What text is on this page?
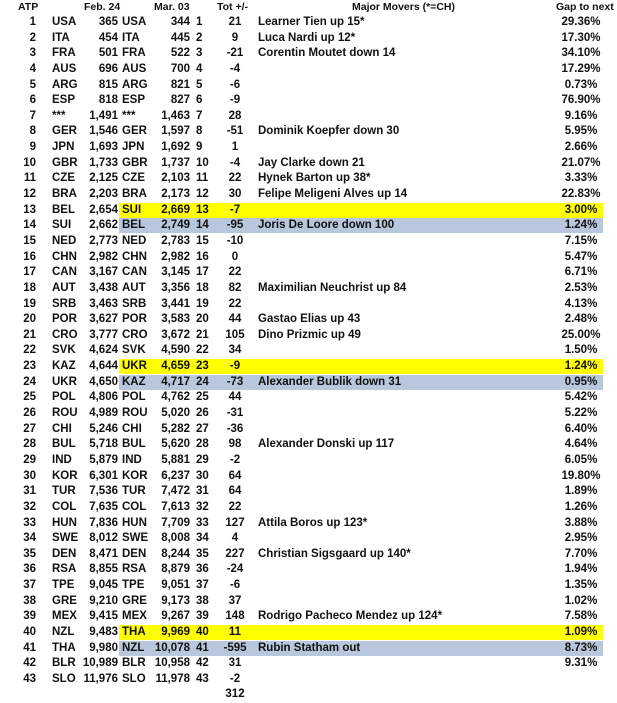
ATP	Feb. 24	Mar. 03	Tot +/-	Major Movers (*=CH)	Gap to next
1 USA	365 USA	344 1	21	Learner Tien up 15*	29.36%
2 ITA	454 ITA	445 2	9	Luca Nardi up 12*	17.30%
3 FRA	501 FRA	522 3	-21	Corentin Moutet down 14	34.10%
4 AUS	696 AUS	700 4	-4	17.29%
5 ARG	815 ARG	821 5	-6	0.73%
6 ESP	818 ESP	827 6	-9	76.90%
7 ***	1,491 ***	1,463 7	28	9.16%
8 GER	1,546 GER	1,597 8	-51	Dominik Koepfer down 30	5.95%
9 JPN	1,693 JPN	1,692 9	1	2.66%
10 GBR	1,733 GBR	1,737 10	-4	Jay Clarke down 21	21.07%
11 CZE	2,125 CZE	2,103 11	22	Hynek Barton up 38*	3.33%
12 BRA	2,203 BRA	2,173 12	30	Felipe Meligeni Alves up 14	22.83%
13 BEL	2,654 SUI	2,669 13	-7	3.00%
14 SUI	2,662 BEL	2,749 14	-95	Joris De Loore down 100	1.24%
15 NED	2,773 NED	2,783 15	-10	7.15%
16 CHN	2,982 CHN	2,982 16	0	5.47%
17 CAN	3,167 CAN	3,145 17	22	6.71%
18 AUT	3,438 AUT	3,356 18	82	Maximilian Neuchrist up 84	2.53%
19 SRB	3,463 SRB	3,441 19	22	4.13%
20 POR	3,627 POR	3,583 20	44	Gastao Elias up 43	2.48%
21 CRO	3,777 CRO	3,672 21	105	Dino Prizmic up 49	25.00%
22 SVK	4,624 SVK	4,590 22	34	1.50%
23 KAZ	4,644 UKR	4,659 23	-9	1.24%
24 UKR	4,650 KAZ	4,717 24	-73	Alexander Bublik down 31	0.95%
25 POL	4,806 POL	4,762 25	44	5.42%
26 ROU	4,989 ROU	5,020 26	-31	5.22%
27 CHI	5,246 CHI	5,282 27	-36	6.40%
28 BUL	5,718 BUL	5,620 28	98	Alexander Donski up 117	4.64%
29 IND	5,879 IND	5,881 29	-2	6.05%
30 KOR	6,301 KOR	6,237 30	64	19.80%
31 TUR	7,536 TUR	7,472 31	64	1.89%
32 COL	7,635 COL	7,613 32	22	1.26%
33 HUN	7,836 HUN	7,709 33	127	Attila Boros up 123*	3.88%
34 SWE 8,012 SWE	8,008 34	4	2.95%
35 DEN	8,471 DEN	8,244 35	227	Christian Sigsgaard up 140*	7.70%
36 RSA	8,855 RSA	8,879 36	-24	1.94%
37 TPE	9,045 TPE	9,051 37	-6	1.35%
38 GRE	9,210 GRE	9,173 38	37	1.02%
39 MEX	9,415 MEX	9,267 39	148	Rodrigo Pacheco Mendez up 124*	7.58%
40 NZL	9,483 THA	9,969 40	11	1.09%
41 THA	9,980 NZL 10,078 41	-595 Rubin Statham out	8.73%
42 BLR 10,989 BLR 10,958 42	31	9.31%
43 SLO 11,976 SLO 11,978 43	-2
312
